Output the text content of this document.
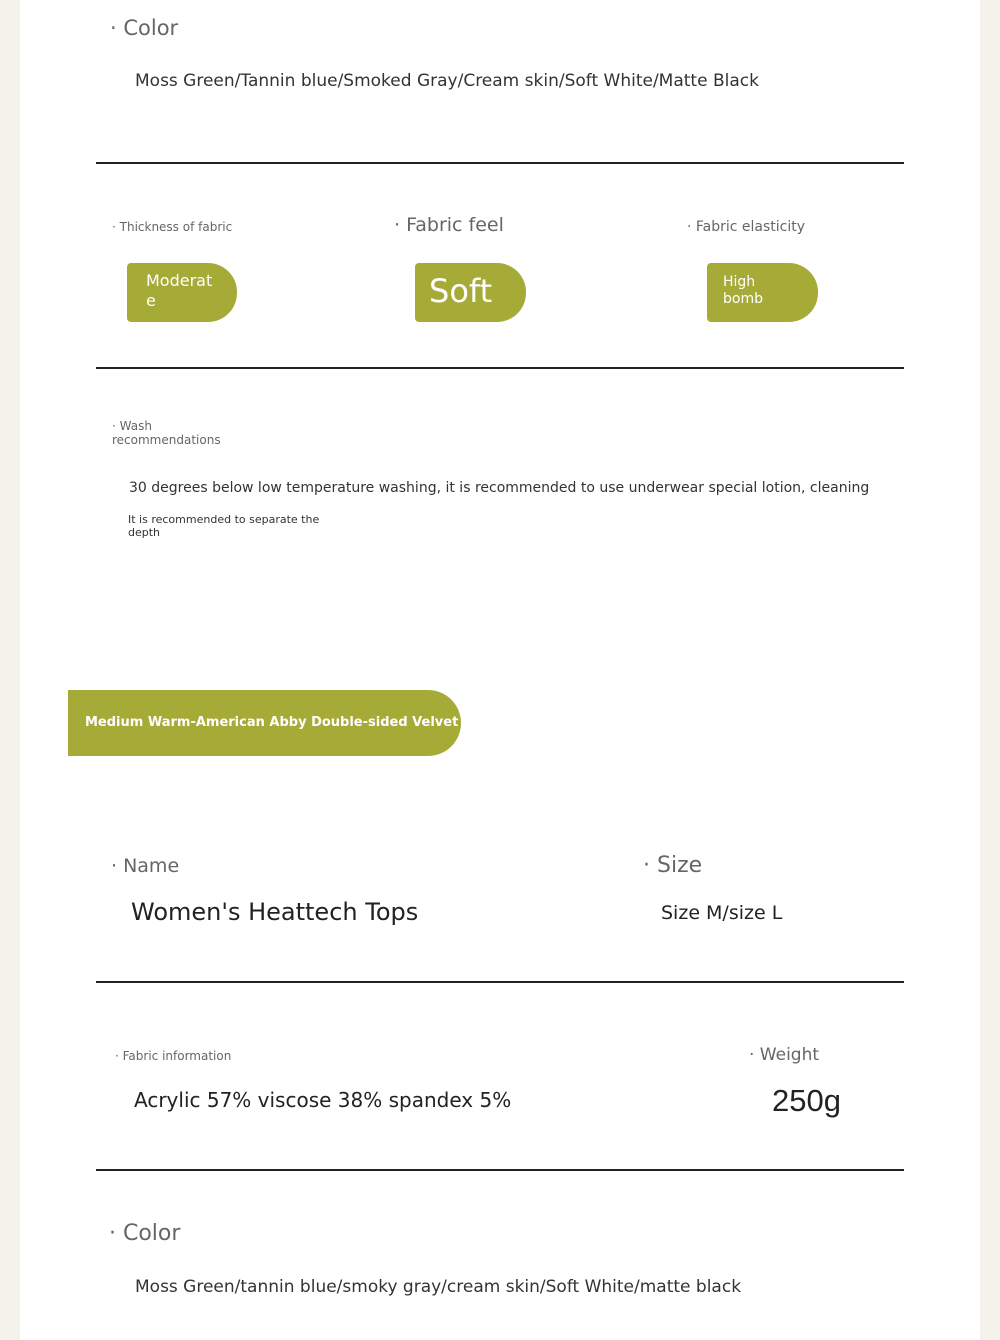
· Color
Moss Green/Tannin blue/Smoked Gray/Cream skin/Soft White/Matte Black
· Thickness of fabric
Moderat
e
· Fabric feel
Soft
· Fabric elasticity
High
bomb
· Wash
recommendations
30 degrees below low temperature washing, it is recommended to use underwear special lotion, cleaning
It is recommended to separate the
depth
Medium Warm-American Abby Double-sided Velvet
· Name
Women's Heattech Tops
· Size
Size M/size L
· Fabric information
Acrylic 57% viscose 38% spandex 5%
· Weight
250g
· Color
Moss Green/tannin blue/smoky gray/cream skin/Soft White/matte black
